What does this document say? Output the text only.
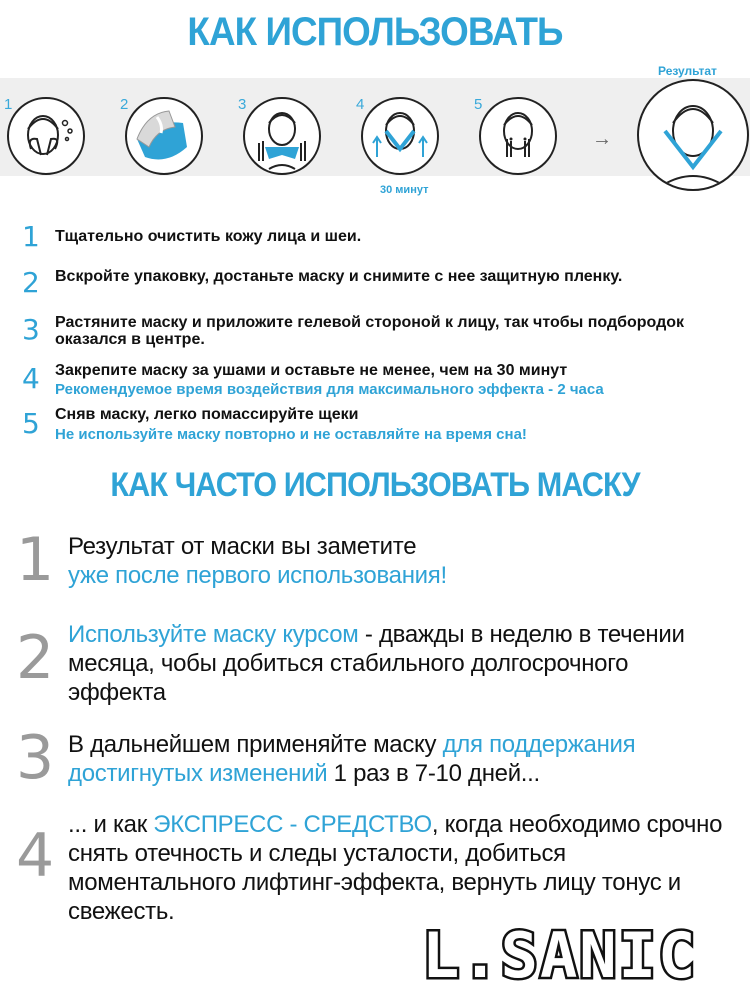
КАК ИСПОЛЬЗОВАТЬ
Результат
1	2	3	4	5
30 минут
→
1 Тщательно очистить кожу лица и шеи.
2 Вскройте упаковку, достаньте маску и снимите с нее защитную пленку.
3 Растяните маску и приложите гелевой стороной к лицу, так чтобы подбородок оказался в центре.
4 Закрепите маску за ушами и оставьте не менее, чем на 30 минут
Рекомендуемое время воздействия для максимального эффекта - 2 часа
5 Сняв маску, легко помассируйте щеки
Не используйте маску повторно и не оставляйте на время сна!
КАК ЧАСТО ИСПОЛЬЗОВАТЬ МАСКУ
1 Результат от маски вы заметите
уже после первого использования!
2 Используйте маску курсом - дважды в неделю в течении месяца, чобы добиться стабильного долгосрочного эффекта
3 В дальнейшем применяйте маску для поддержания достигнутых изменений 1 раз в 7-10 дней...
4 ... и как ЭКСПРЕСС - СРЕДСТВО, когда необходимо срочно снять отечность и следы усталости, добиться моментального лифтинг-эффекта, вернуть лицу тонус и свежесть.
L.SANIC
